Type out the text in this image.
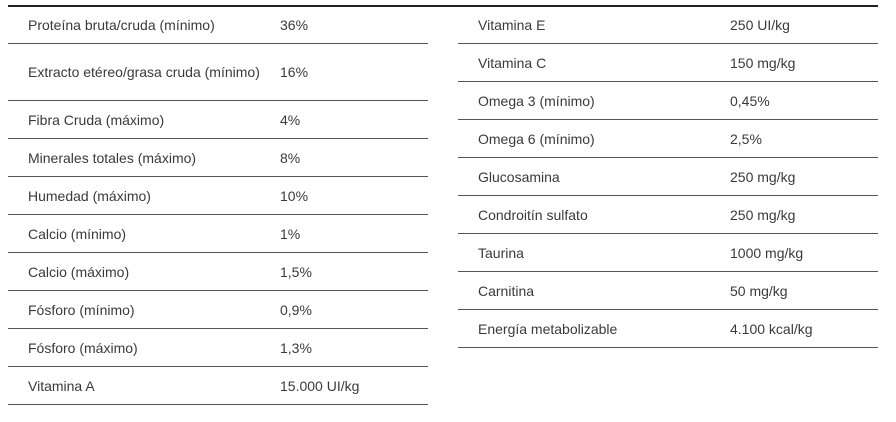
Proteína bruta/cruda (mínimo)	36%
Extracto etéreo/grasa cruda (mínimo)	16%
Fibra Cruda (máximo)	4%
Minerales totales (máximo)	8%
Humedad (máximo)	10%
Calcio (mínimo)	1%
Calcio (máximo)	1,5%
Fósforo (mínimo)	0,9%
Fósforo (máximo)	1,3%
Vitamina A	15.000 UI/kg
Vitamina E	250 UI/kg
Vitamina C	150 mg/kg
Omega 3 (mínimo)	0,45%
Omega 6 (mínimo)	2,5%
Glucosamina	250 mg/kg
Condroitín sulfato	250 mg/kg
Taurina	1000 mg/kg
Carnitina	50 mg/kg
Energía metabolizable	4.100 kcal/kg
